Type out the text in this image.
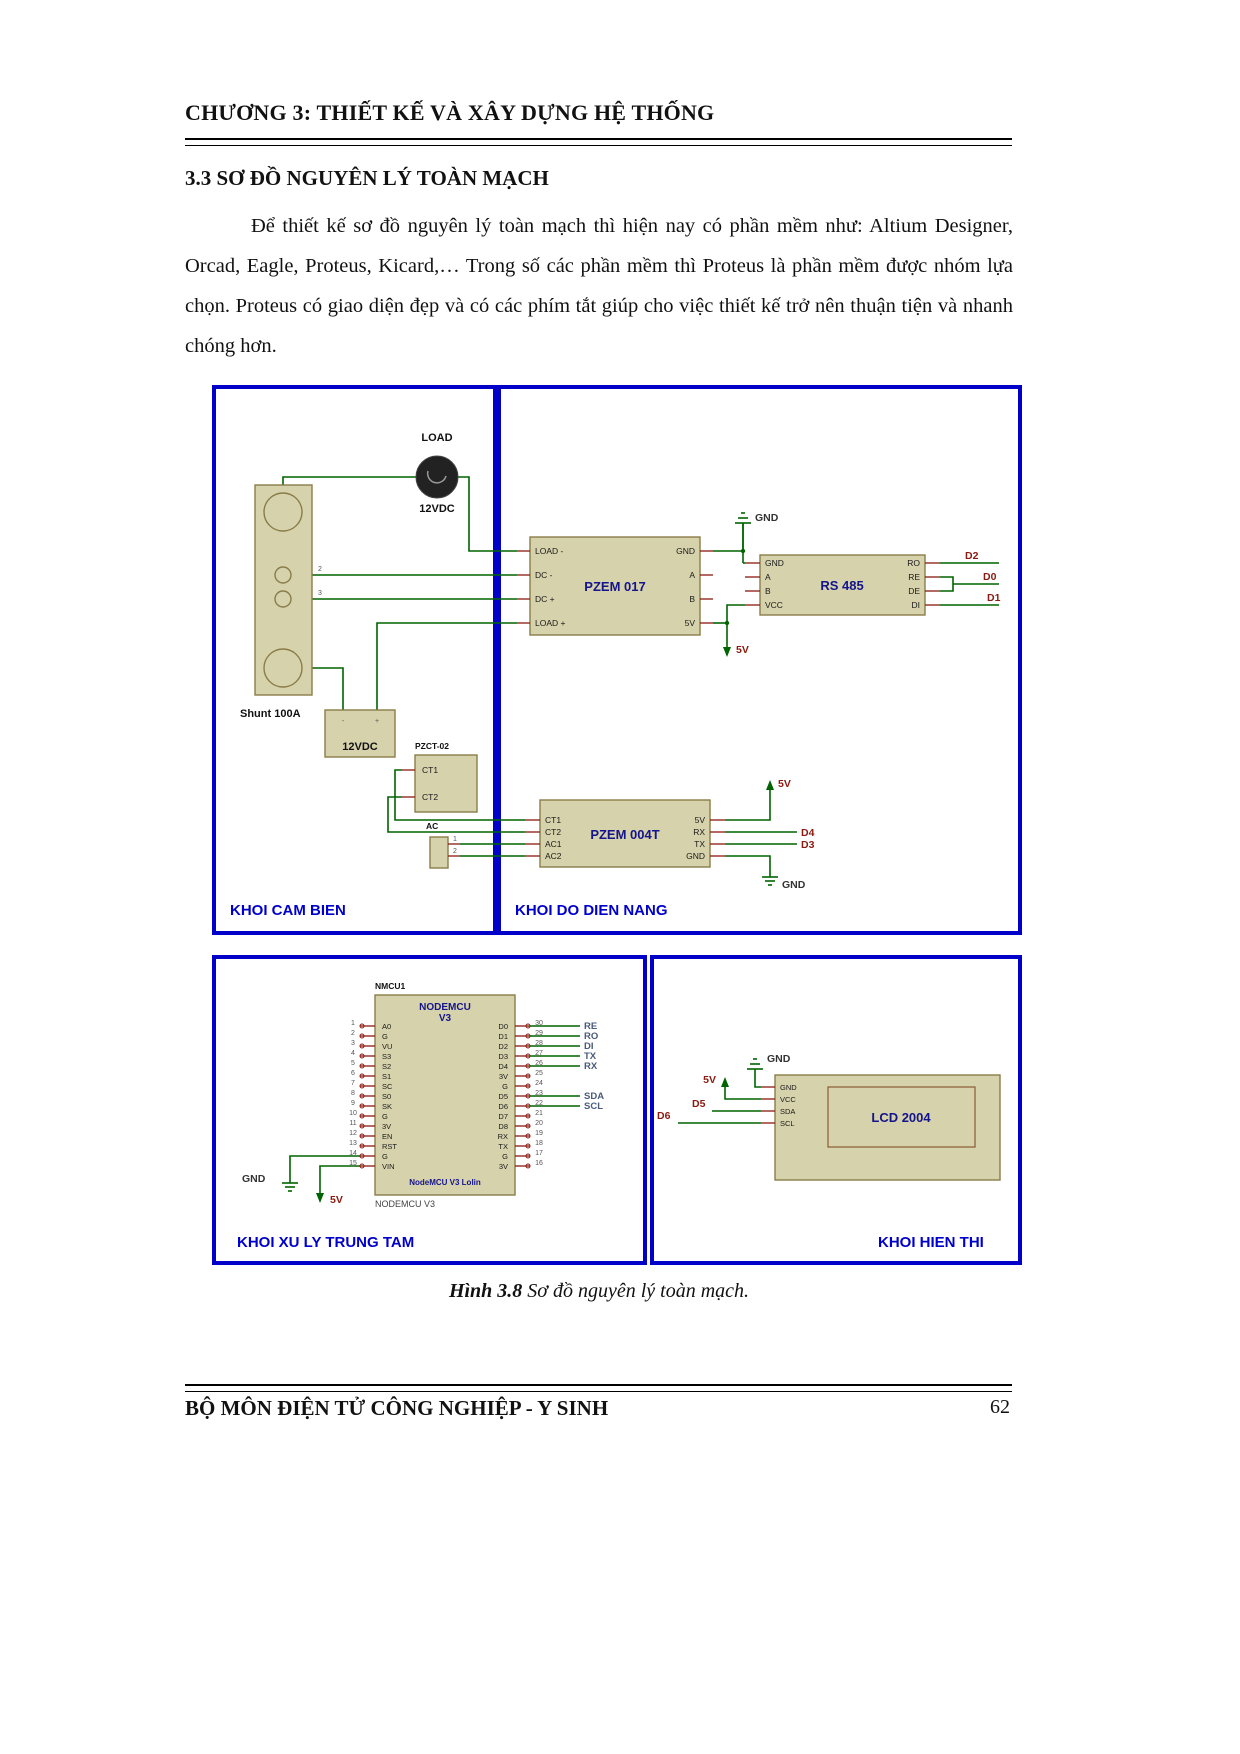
CHƯƠNG 3: THIẾT KẾ VÀ XÂY DỰNG HỆ THỐNG
3.3 SƠ ĐỒ NGUYÊN LÝ TOÀN MẠCH
Để thiết kế sơ đồ nguyên lý toàn mạch thì hiện nay có phần mềm như: Altium Designer, Orcad, Eagle, Proteus, Kicard,… Trong số các phần mềm thì Proteus là phần mềm được nhóm lựa chọn. Proteus có giao diện đẹp và có các phím tắt giúp cho việc thiết kế trở nên thuận tiện và nhanh chóng hơn.
LOAD
12VDC
2
3
Shunt 100A
-	+
12VDC	PZCT-02
CT1
CT2
AC
1
2
KHOI CAM BIEN
PZEM 017
LOAD -
DC -
DC +
LOAD +
GND
A
B
5V
GND
5V
RS 485
GND
A
B
VCC
RO
RE
DE
DI
D2
D0
D1
PZEM 004T
CT1
CT2
AC1
AC2
5V
RX
TX
GND
5V
D4
D3
GND
KHOI DO DIEN NANG
NMCU1
NODEMCU
V3
A0
G
VU
S3
S2
S1
SC
S0
SK
G
3V
EN
RST
G
VIN
1
2
3
4
5
6
7
8
9
10
11
12
13
14
15
D0
D1
D2
D3
D4
3V
G
D5
D6
D7
D8
RX
TX
G
3V
30
29
28
27
26
25
24
23
22
21
20
19
18
17
16
NodeMCU V3 Lolin
NODEMCU V3
RE
RO
DI
TX
RX
SDA
SCL
GND
5V
KHOI XU LY TRUNG TAM
LCD 2004
GND
VCC
SDA
SCL
GND
5V
D5
D6
KHOI HIEN THI
Hình 3.8 Sơ đồ nguyên lý toàn mạch.
BỘ MÔN ĐIỆN TỬ CÔNG NGHIỆP - Y SINH	62
